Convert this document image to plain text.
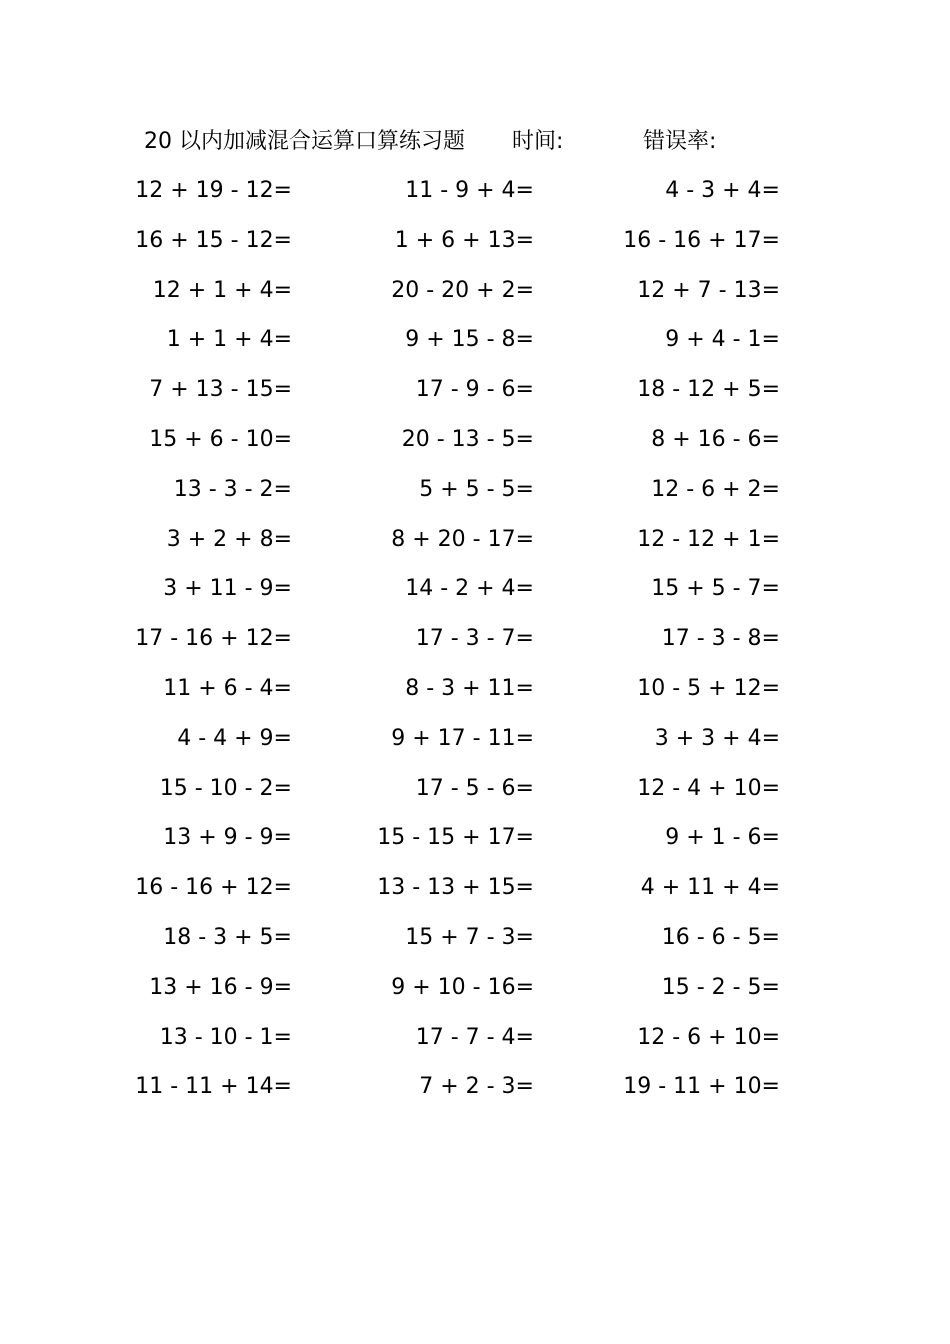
20 以内加减混合运算口算练习题 时间:	错误率:
12 + 19 - 12=	11 - 9 + 4=	4 - 3 + 4=
16 + 15 - 12=	1 + 6 + 13=	16 - 16 + 17=
12 + 1 + 4=	20 - 20 + 2=	12 + 7 - 13=
1 + 1 + 4=	9 + 15 - 8=	9 + 4 - 1=
7 + 13 - 15=	17 - 9 - 6=	18 - 12 + 5=
15 + 6 - 10=	20 - 13 - 5=	8 + 16 - 6=
13 - 3 - 2=	5 + 5 - 5=	12 - 6 + 2=
3 + 2 + 8=	8 + 20 - 17=	12 - 12 + 1=
3 + 11 - 9=	14 - 2 + 4=	15 + 5 - 7=
17 - 16 + 12=	17 - 3 - 7=	17 - 3 - 8=
11 + 6 - 4=	8 - 3 + 11=	10 - 5 + 12=
4 - 4 + 9=	9 + 17 - 11=	3 + 3 + 4=
15 - 10 - 2=	17 - 5 - 6=	12 - 4 + 10=
13 + 9 - 9=	15 - 15 + 17=	9 + 1 - 6=
16 - 16 + 12=	13 - 13 + 15=	4 + 11 + 4=
18 - 3 + 5=	15 + 7 - 3=	16 - 6 - 5=
13 + 16 - 9=	9 + 10 - 16=	15 - 2 - 5=
13 - 10 - 1=	17 - 7 - 4=	12 - 6 + 10=
11 - 11 + 14=	7 + 2 - 3=	19 - 11 + 10=
